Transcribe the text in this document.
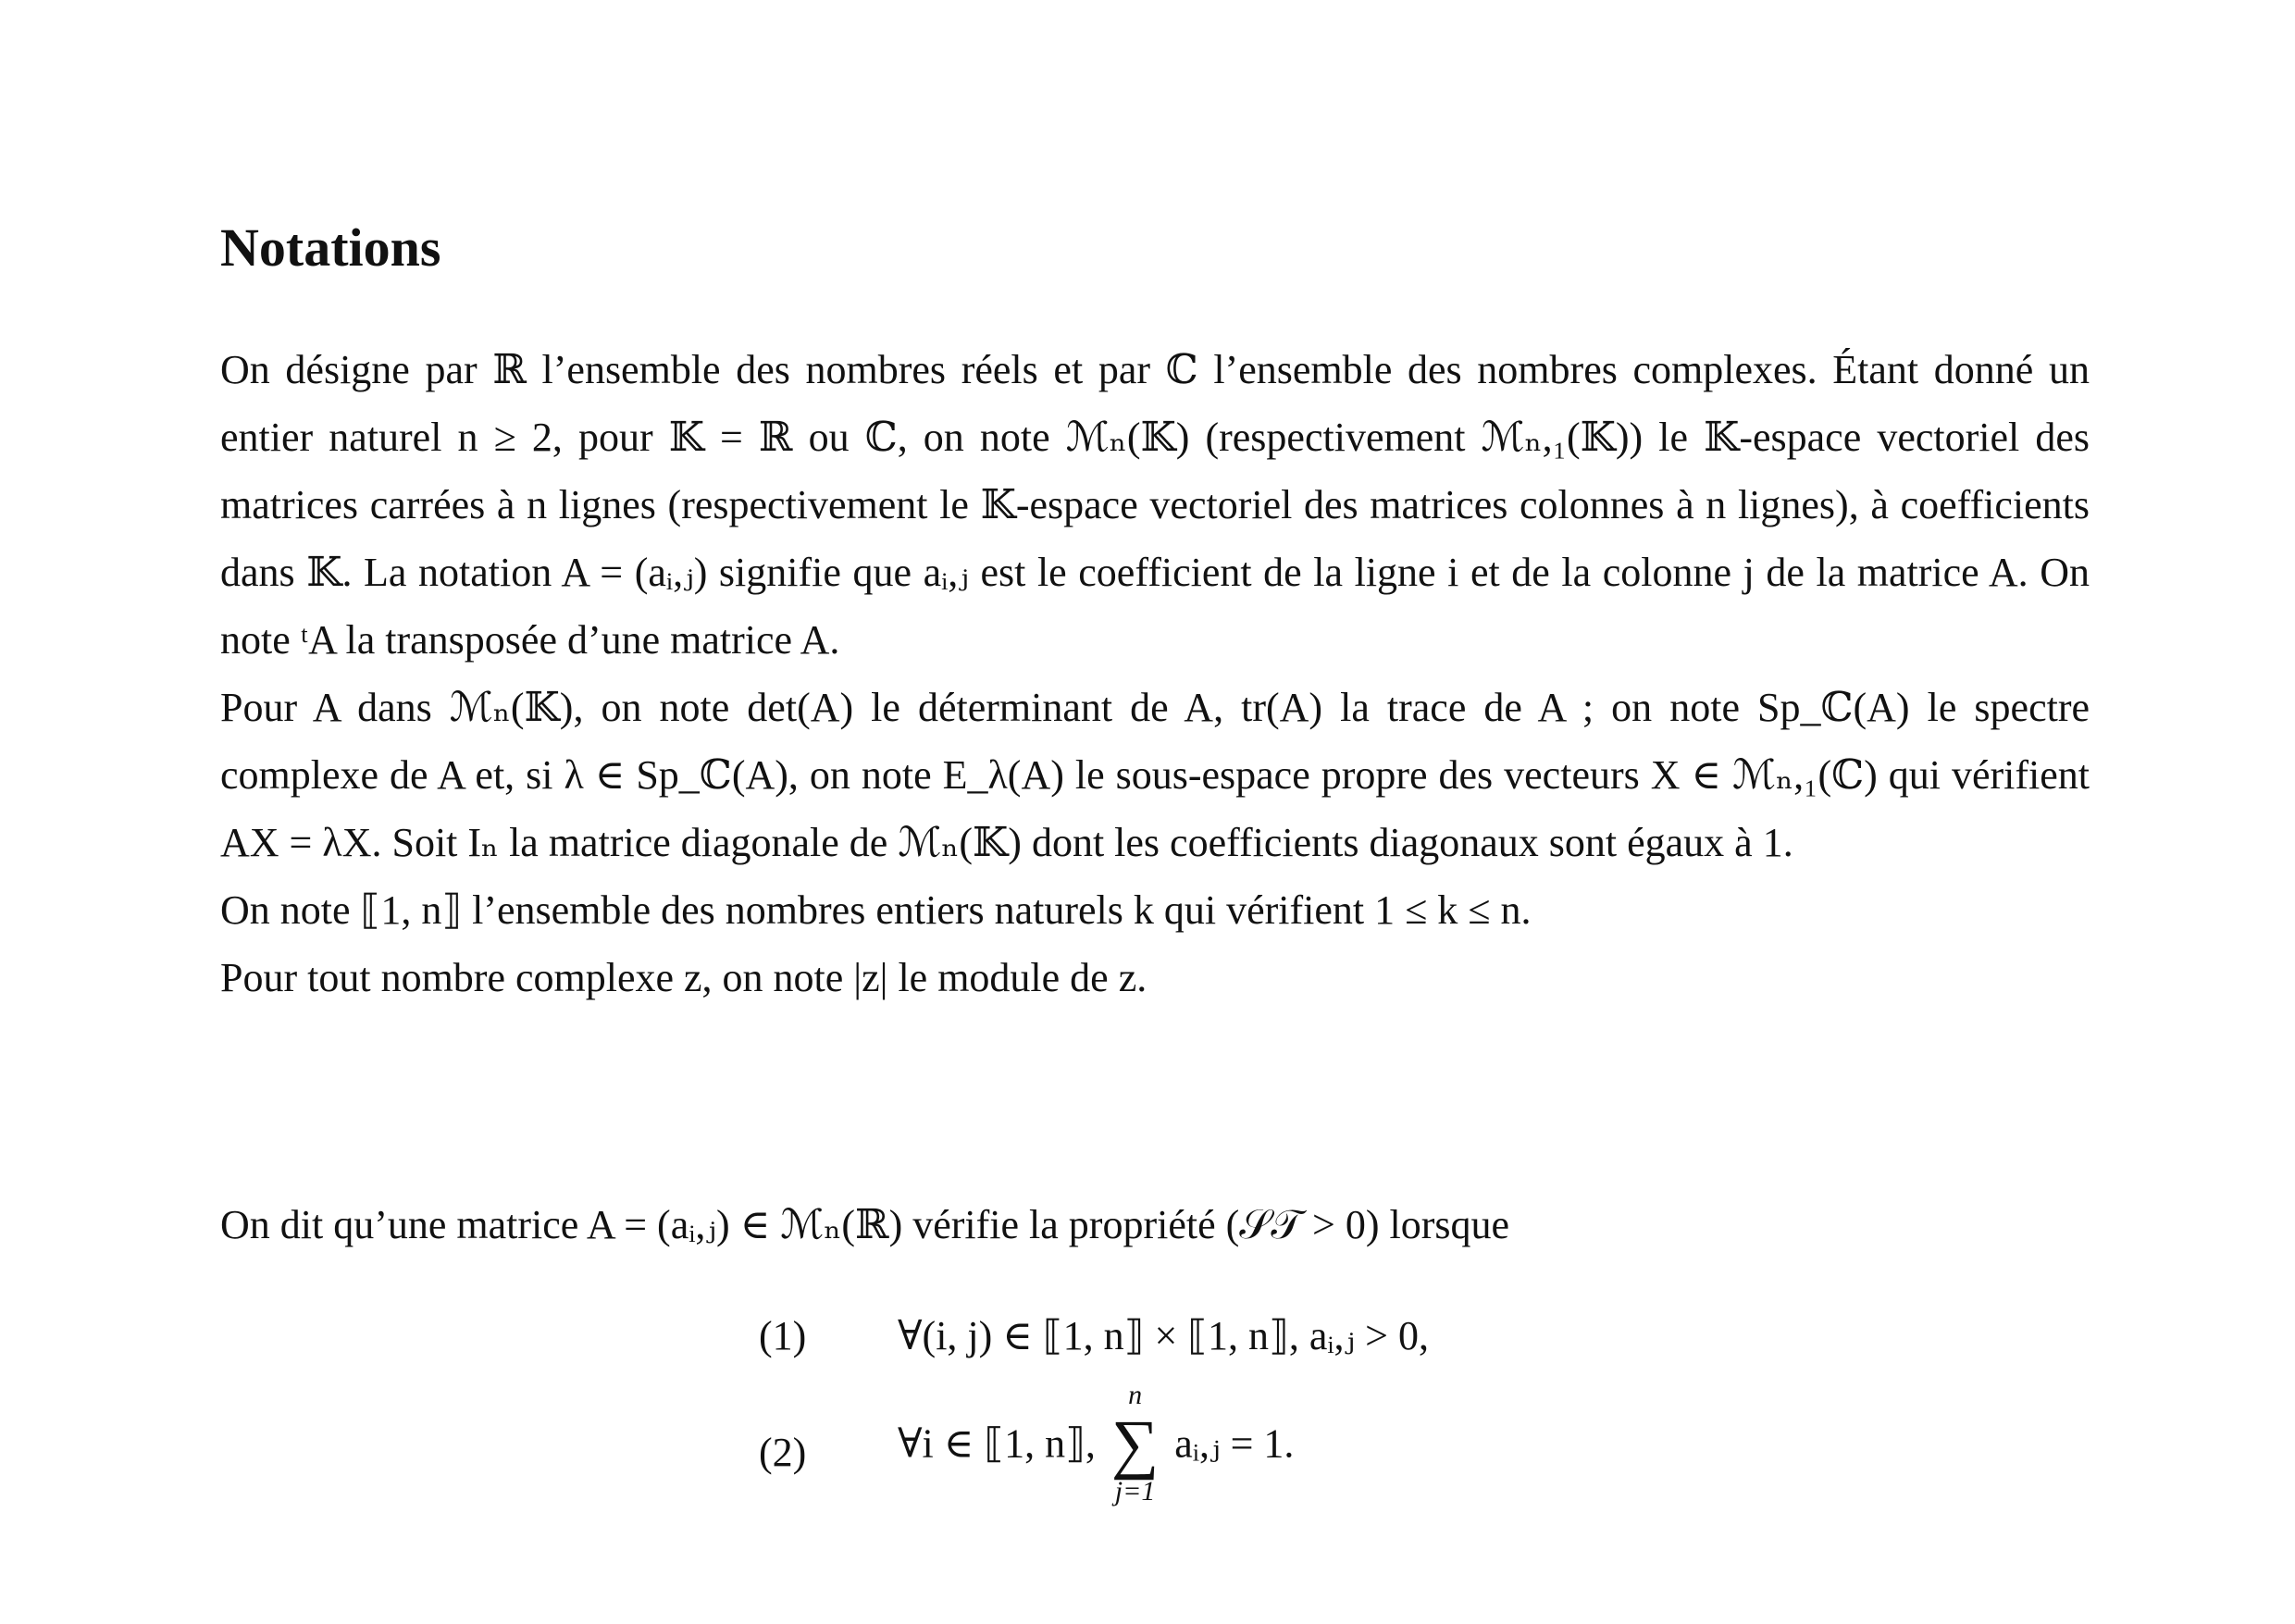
Notations
On désigne par ℝ l’ensemble des nombres réels et par ℂ l’ensemble des nombres complexes. Étant donné un entier naturel n ≥ 2, pour 𝕂 = ℝ ou ℂ, on note ℳₙ(𝕂) (respectivement ℳₙ,₁(𝕂)) le 𝕂-espace vectoriel des matrices carrées à n lignes (respectivement le 𝕂-espace vectoriel des matrices colonnes à n lignes), à coefficients dans 𝕂. La notation A = (aᵢ,ⱼ) signifie que aᵢ,ⱼ est le coefficient de la ligne i et de la colonne j de la matrice A. On note ᵗA la transposée d’une matrice A.
Pour A dans ℳₙ(𝕂), on note det(A) le déterminant de A, tr(A) la trace de A ; on note Sp_ℂ(A) le spectre complexe de A et, si λ ∈ Sp_ℂ(A), on note E_λ(A) le sous-espace propre des vecteurs X ∈ ℳₙ,₁(ℂ) qui vérifient AX = λX. Soit Iₙ la matrice diagonale de ℳₙ(𝕂) dont les coefficients diagonaux sont égaux à 1.
On note ⟦1, n⟧ l’ensemble des nombres entiers naturels k qui vérifient 1 ≤ k ≤ n.
Pour tout nombre complexe z, on note |z| le module de z.
On dit qu’une matrice A = (aᵢ,ⱼ) ∈ ℳₙ(ℝ) vérifie la propriété (𝒮𝒯 > 0) lorsque
(1) ∀(i, j) ∈ ⟦1, n⟧ × ⟦1, n⟧, aᵢ,ⱼ > 0,
(2) ∀i ∈ ⟦1, n⟧,
n
∑
j=1
aᵢ,ⱼ = 1.
